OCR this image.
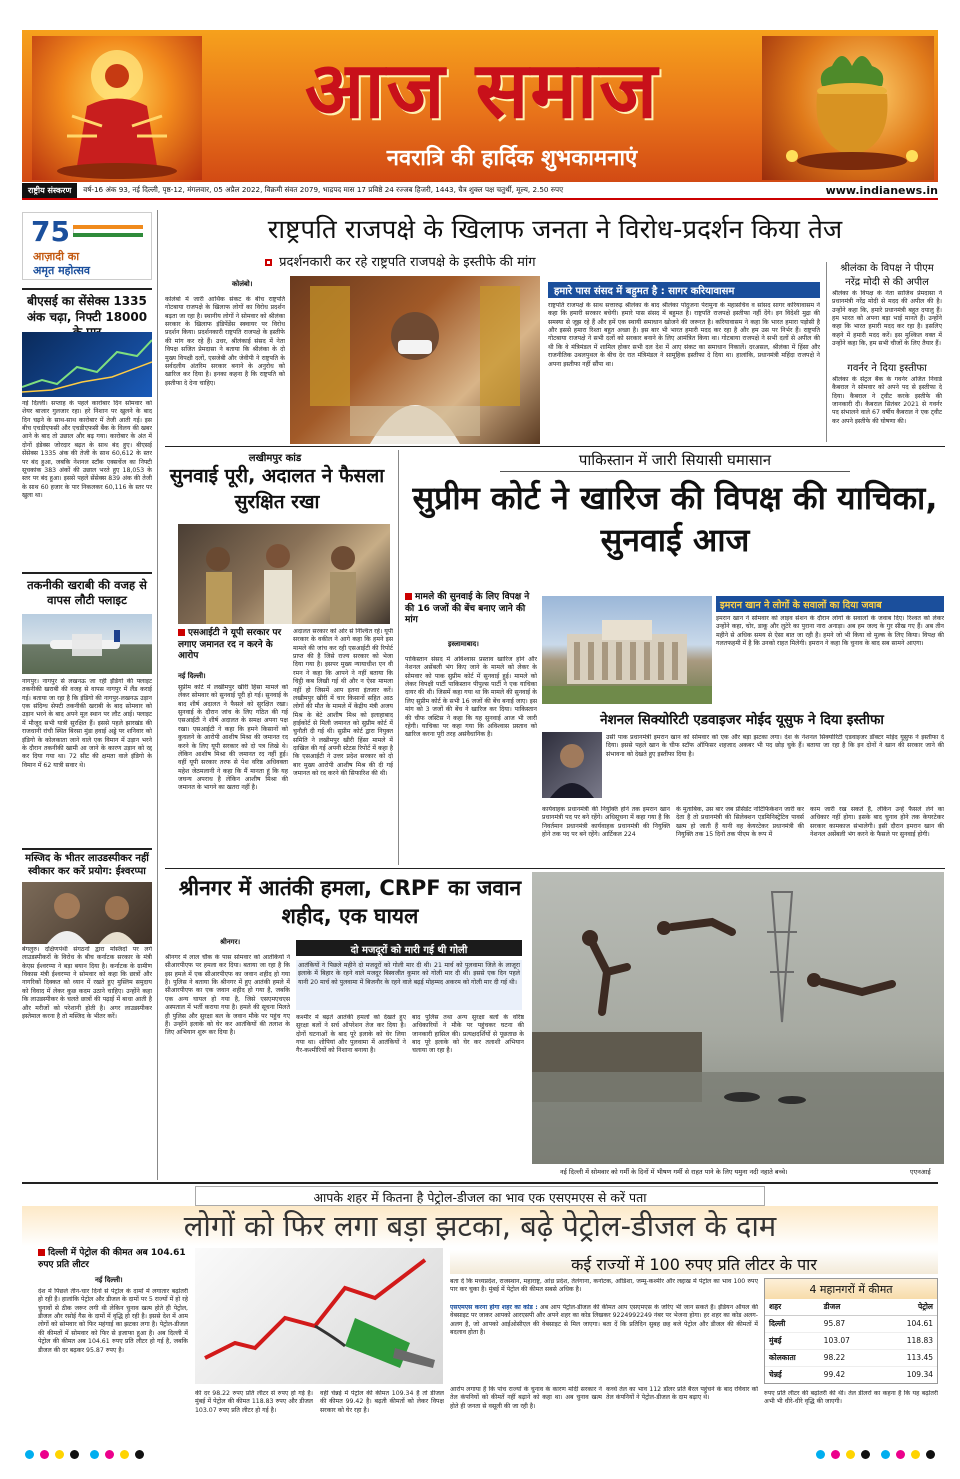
आज समाज
नवरात्रि की हार्दिक शुभकामनाएं
राष्ट्रीय संस्करण	वर्ष-16 अंक 93, नई दिल्ली, पृष्ठ-12, मंगलवार, 05 अप्रैल 2022, विक्रमी संवत 2079, भाद्रपद मास 17 प्रविष्ठे 24 रज्जब हिजरी, 1443, चैत्र शुक्ल पक्ष चतुर्थी, मूल्य, 2.50 रुपए	www.indianews.in
75
आज़ादी का
अमृत महोत्सव
बीएसई का सेंसेक्स 1335 अंक चढ़ा, निफ्टी 18000
नई दिल्ली। सप्ताह के पहले कारोबार दिन सोमवार को शेयर बाजार गुलजार रहा। हरे निशान पर खुलने के बाद दिन चढ़ने के साथ-साथ कारोबार में तेजी आती गई। इस बीच एचडीएफसी और एचडीएफसी बैंक के विलय की खबर आने के बाद तो उछाल और बढ़ गया। कारोबार के अंत में दोनों इंडेक्स जोरदार बढ़त के साथ बंद हुए। बीएसई सेंसेक्स 1335 अंक की तेजी के साथ 60,612 के स्तर पर बंद हुआ, जबकि नेशनल स्टॉक एक्सचेंज का निफ्टी सूचकांक 383 अंकों की उछाल भरते हुए 18,053 के स्तर पर बंद हुआ। इससे पहले सेंसेक्स 839 अंक की तेजी के साथ 60 हजार के पार निकलकर 60,116 के स्तर पर खुला था।
तकनीकी खराबी की वजह से वापस लौटी फ्लाइट
नागपुर। नागपुर से लखनऊ जा रही इंडिगो की फ्लाइट तकनीकी खराबी की वजह से वापस नागपुर में लैंड कराई गई। बताया जा रहा है कि इंडिगो की नागपुर-लखनऊ उड़ान एक संदिग्ध सेफ्टी तकनीकी खराबी के बाद सोमवार को उड़ान भरने के बाद अपने मूल स्थान पर लौट आई। फ्लाइट में मौजूद सभी यात्री सुरक्षित हैं। इससे पहले झारखंड की राजधानी रांची स्थित बिरसा मुंडा हवाई अड्डे पर शनिवार को इंडिगो के कोलकाता जाने वाले एक विमान में उड़ान भरने के दौरान तकनीकी खामी आ जाने के कारण उड़ान को रद्द कर दिया गया था। 72 सीट की क्षमता वाले इंडिगो के विमान में 62 यात्री सवार थे।
मस्जिद के भीतर लाउडस्पीकर नहीं स्वीकार कर करें प्रयोग: ईश्वरप्पा
बेंगलुरु। दक्षिणपंथी संगठनों द्वारा मस्जिदों पर लगे लाउडस्पीकरों के विरोध के बीच कर्नाटक सरकार के मंत्री केएस ईश्वरप्पा ने बड़ा बयान दिया है। कर्नाटक के ग्रामीण विकास मंत्री ईश्वरप्पा ने सोमवार को कहा कि छात्रों और नागरिकों दिक्कत को ध्यान में रखते हुए मुस्लिम समुदाय को विवाद में लेकर कुछ कदम उठाने चाहिए। उन्होंने कहा कि लाउडस्पीकर के चलते छात्रों की पढ़ाई में बाधा आती है और मरीजों को परेशानी होती है। अगर लाउडस्पीकर इस्तेमाल करना है तो मस्जिद के भीतर करें।
राष्ट्रपति राजपक्षे के खिलाफ जनता ने विरोध-प्रदर्शन किया तेज
प्रदर्शनकारी कर रहे राष्ट्रपति राजपक्षे के इस्तीफे की मांग
कोलंबो।
कोलंबो में जारी आर्थिक संकट के बीच राष्ट्रपति गोटबाया राजपक्षे के खिलाफ लोगों का विरोध प्रदर्शन बढ़ता जा रहा है। स्थानीय लोगों ने सोमवार को श्रीलंका सरकार के खिलाफ इंडिपेंडेंस स्क्वायर पर विरोध प्रदर्शन किया। प्रदर्शनकारी राष्ट्रपति राजपक्षे के इस्तीफे की मांग कर रहे हैं। उधर, श्रीलंकाई संसद में नेता विपक्ष सजित प्रेमदासा ने बताया कि श्रीलंका के दो मुख्य विपक्षी दलों, एसजेबी और जेवीपी ने राष्ट्रपति के सर्वदलीय अंतरिम सरकार बनाने के अनुरोध को खारिज कर दिया है। इनका कहना है कि राष्ट्रपति को इस्तीफा दे देना चाहिए।
हमारे पास संसद में बहुमत है : सागर करियावासम
राष्ट्रपति राजपक्षे के साथ सत्तारुढ़ श्रीलंका के बाद श्रीलंका पोदुजना पेरामुना के महासचिव व सांसद सागर करियावासम ने कहा कि हमारी सरकार बचेगी। हमारे पास संसद में बहुमत है। राष्ट्रपति राजपक्षे इस्तीफा नहीं देंगे। इन विदेशी मुद्रा की समस्या से जूझ रहे हैं और हमें एक स्थायी समाधान खोजने की जरूरत है। करियावासम ने कहा कि भारत हमारा पड़ोसी है और इससे हमारा रिश्ता बहुत अच्छा है। इस बार भी भारत हमारी मदद कर रहा है और हम उस पर निर्भर हैं। राष्ट्रपति गोटबाया राजपक्षे ने सभी दलों को सरकार बनाने के लिए आमंत्रित किया था। गोटबाया राजपक्षे ने सभी दलों से अपील की थी कि वे मंत्रिमंडल में शामिल होकर सभी दल देश में आए संकट का समाधान निकालें। दरअसल, श्रीलंका में हिंसा और राजनीतिक उथलपुथल के बीच देर रात मंत्रिमंडल ने सामूहिक इस्तीफा दे दिया था। हालांकि, प्रधानमंत्री महिंदा राजपक्षे ने अपना इस्तीफा नहीं सौंपा था।
श्रीलंका के विपक्ष ने पीएम नरेंद्र मोदी से की अपील
श्रीलंका के विपक्ष के नेता साजिथ प्रेमदासा ने प्रधानमंत्री नरेंद्र मोदी से मदद की अपील की है। उन्होंने कहा कि, हमारे प्रधानमंत्री बहुत दयालु हैं। हम भारत को अपना बड़ा भाई मानते हैं। उन्होंने कहा कि भारत हमारी मदद कर रहा है। इसलिए कहने में हमारी मदद करें। इस मुश्किल वक्त में उन्होंने कहा कि, हम सभी चीजों के लिए तैयार हैं।
गवर्नर ने दिया इस्तीफा
श्रीलंका के सेंट्रल बैंक के गवर्नर अजित निवार्ड कैबराल ने सोमवार को अपने पद से इस्तीफा दे दिया। कैबराल ने ट्वीट करके इस्तीफे की जानकारी दी। कैबराल सितंबर 2021 से गवर्नर पद संभालने वाले 67 वर्षीय कैबराल ने एक ट्वीट कर अपने इस्तीफे की घोषणा की।
लखीमपुर कांड
सुनवाई पूरी, अदालत ने फैसला सुरक्षित रखा
एसआईटी ने यूपी सरकार पर लगाए जमानत रद न करने के आरोप
नई दिल्ली।
सुप्रीम कोर्ट में लखीमपुर खीरी हिंसा मामले को लेकर सोमवार को सुनवाई पूरी हो गई। सुनवाई के बाद शीर्ष अदालत ने फैसले को सुरक्षित रखा। सुनवाई के दौरान जांच के लिए गठित की गई एसआईटी ने शीर्ष अदालत के समक्ष अपना पक्ष रखा। एसआईटी ने कहा कि हमने किसानों को कुचलने के आरोपी आशीष मिश्रा की जमानत रद करने के लिए यूपी सरकार को दो पत्र लिखे थे। लेकिन आशीष मिश्रा की जमानत रद नहीं हुई। वहीं यूपी सरकार तरफ से पेश वरिष्ठ अधिवक्ता महेश जेठमलानी ने कहा कि मैं मानता हूं कि यह जघन्य अपराध है लेकिन आशीष मिश्रा की जमानत के भागने का खतरा नहीं है।
अदालत सरकार को ओर से निश्चित रहें। यूपी सरकार के वकील ने आगे कहा कि हमने इस मामले की जांच कर रही एसआईटी की रिपोर्ट प्राप्त की है जिसे राज्य सरकार को भेजा दिया गया है। इसपर मुख्य न्यायाधीश एन वी रमन ने कहा कि आपने ने नहीं बताया कि चिट्ठी कब लिखी गई थी और न ऐसा मामला नहीं हो जिसमें आप इतना इंतजार करें। लखीमपुर खीरी में चार किसानों सहित आठ लोगों की मौत के मामले में केंद्रीय मंत्री अजय मिश्र के बेटे आशीष मिश्र को इलाहाबाद हाईकोर्ट से मिली जमानत को सुप्रीम कोर्ट में चुनौती दी गई थी। सुप्रीम कोर्ट द्वारा नियुक्त समिति ने लखीमपुर खीरी हिंसा मामले में दाखिल की गई अपनी स्टेटस रिपोर्ट में कहा है कि एसआईटी ने उत्तर प्रदेश सरकार को दो बार मुख्य आरोपी आशीष मिश्र की दी गई जमानत को रद करने की सिफारिश की थी।
पाकिस्तान में जारी सियासी घमासान
सुप्रीम कोर्ट ने खारिज की विपक्ष की याचिका, सुनवाई आज
मामले की सुनवाई के लिए विपक्ष ने की 16 जजों की बेंच बनाए जाने की मांग
इस्लामाबाद।
इमरान खान ने लोगों के सवालों का दिया जवाब
इमरान खान ने सोमवार को लाइव सेशन के दौरान लोगों के सवालों के जवाब दिए। रिश्वत को लेकर उन्होंने कहा, चोर, डाकू और लुटेरे का पुराना नारा अनाड़ा। अब हम जल्द के गुर सीख गए हैं। अब तीन महीने से अधिक समय से ऐसा बात जा रही है। हमने जो भी किया वो मुल्क के लिए किया। विपक्ष की गलतफहमी में है कि उनको राहत मिलेगी। इमरान ने कहा कि चुनाव के बाद सब सामने आएगा।
पाकिस्तान संसद में अविश्वास प्रस्ताव खारिज होने और नेशनल असेंबली भंग किए जाने के मामले को लेकर के सोमवार को पाक सुप्रीम कोर्ट में सुनवाई हुई। मामले को लेकर विपक्षी पार्टी पाकिस्तान पीपुल्स पार्टी ने एक याचिका दायर की थी। जिसमें कहा गया था कि मामले की सुनवाई के लिए सुप्रीम कोर्ट के सभी 16 जजों की बेंच बनाई जाए। इस मांग को 3 जजों की बेंच ने खारिज कर दिया। पाकिस्तान की चीफ जस्टिस ने कहा कि यह सुनवाई आज भी जारी रहेगी। याचिका पर कहा गया कि अविश्वास प्रस्ताव को खारिज करना पूरी तरह असंवैधानिक है।
नेशनल सिक्योरिटी एडवाइजर मोईद यूसुफ ने दिया इस्तीफा
उसी पाक प्रधानमंत्री इमरान खान को सोमवार को एक और बड़ा झटका लगा। देश के नेशनल सिक्योरिटी एडवाइजर डॉक्टर मोईद यूसुफ ने इस्तीफा दे दिया। इससे पहले खान के चीफ स्टॉफ ऑफिसर शहजाद अकबर भी पद छोड़ चुके हैं। बताया जा रहा है कि इन दोनों ने खान की सरकार जाने की संभावना को देखते हुए इस्तीफा दिया है।
कार्यवाहक प्रधानमंत्री की नियुक्ति होने तक इमरान खान प्रधानमंत्री पद पर बने रहेंगे। अधिसूचना में कहा गया है कि निवर्तमान प्रधानमंत्री कार्यवाहक प्रधानमंत्री की नियुक्ति होने तक पद पर बने रहेंगे। आर्टिकल 224
के मुताबिक, उस बार जब प्रेसिडेंट नोटिफिकेशन जारी कर देता है तो प्रधानमंत्री की सिलेक्शन एडमिनिस्ट्रेटिव पावर्स खत्म हो जाती हैं यानी वह केयरटेकर प्रधानमंत्री की नियुक्ति तक 15 दिनों तक पीएम के रूप में
काम जारी रख सकते हैं, लेकिन उन्हें फैसले लेने का अधिकार नहीं होगा। इसके बाद चुनाव होने तक केयरटेकर सरकार कामकाज संभालेगी। इसी दौरान इमरान खान की नेशनल असेंबली भंग करने के फैसले पर सुनवाई होगी।
श्रीनगर में आतंकी हमला, CRPF का जवान शहीद, एक घायल
श्रीनगर।
दो मजदूरों को मारी गई थी गोली
श्रीनगर में लाल चौक के पास सोमवार को आतंकियों ने सीआरपीएफ पर हमला कर दिया। बताया जा रहा है कि इस हमले में एक सीआरपीएफ का जवान शहीद हो गया है। पुलिस ने बताया कि श्रीनगर में हुए आतंकी हमले में सीआरपीएफ का एक जवान शहीद हो गया है, जबकि एक अन्य घायल हो गया है, जिसे एसएमएचएस अस्पताल में भर्ती कराया गया है। हमले की सूचना मिलते ही पुलिस और सुरक्षा बल के जवान मौके पर पहुंच गए हैं। उन्होंने इलाके को घेर कर आतंकियों की तलाश के लिए अभियान शुरू कर दिया है।
आतंकियों ने पिछले महीने दो मजदूरों को गोली मार दी थी। 21 मार्च को पुलवामा जिले के लाजूरा इलाके में बिहार के रहने वाले मजदूर बिस्वजीत कुमार को गोली मार दी थी। इससे एक दिन पहले यानी 20 मार्च को पुलवामा में बिजनौर के रहने वाले बढ़ई मोहम्मद अकरम को गोली मार दी गई थी।
कश्मीर में बढ़ते आतंकी हमलों को देखते हुए सुरक्षा बलों ने सर्च ऑपरेशन तेज कर दिया है। दोनों घटनाओं के बाद पूरे इलाके को घेर लिया गया था। शोपियां और पुलवामा में आतंकियों ने गैर-कश्मीरियों को निशाना बनाया है।
बाद पुलिस तथा अन्य सुरक्षा बलों के वरिष्ठ अधिकारियों ने मौके पर पहुंचकर घटना की जानकारी हासिल की। प्रत्यक्षदर्शियों से पूछताछ के बाद पूरे इलाके को घेर कर तलाशी अभियान चलाया जा रहा है।
नई दिल्ली में सोमवार को गर्मी के दिनों में भीषण गर्मी से राहत पाने के लिए यमुना नदी नहाते बच्चे।	एएनआई
आपके शहर में कितना है पेट्रोल-डीजल का भाव एक एसएमएस से करें पता
लोगों को फिर लगा बड़ा झटका, बढ़े पेट्रोल-डीजल के दाम
दिल्ली में पेट्रोल की कीमत अब 104.61 रुपए प्रति लीटर
नई दिल्ली।
देश में पिछले तीन-चार दिनों से पेट्रोल के दामों में लगातार बढ़ोतरी हो रही है। हालांकि पेट्रोल और डीजल के दामों पर 5 राज्यों में हो रहे चुनावों से ठीक जरूर लगी थी लेकिन चुनाव खत्म होते ही पेट्रोल, डीजल और रसोई गैस के दामों में वृद्धि हो रही है। इससे देश में आम लोगों को सोमवार को फिर महंगाई का झटका लगा है। पेट्रोल-डीजल की कीमतों में सोमवार को फिर से इजाफा हुआ है। अब दिल्ली में पेट्रोल की कीमत अब 104.61 रुपए प्रति लीटर हो गई है, जबकि डीजल की दर बढ़कर 95.87 रुपए है।
की दर 98.22 रुपए प्रति लीटर से रुपए हो गई है। मुंबई में पेट्रोल की कीमत 118.83 रुपए और डीजल 103.07 रुपए प्रति लीटर हो गई है।
वहीं चेन्नई में पेट्रोल की कीमत 109.34 है तो डीजल की कीमत 99.42 है। बढ़ती कीमतों को लेकर विपक्ष सरकार को घेर रहा है।
कई राज्यों में 100 रुपए प्रति लीटर के पार
बता दें कि मध्यप्रदेश, राजस्थान, महाराष्ट्र, आंध्र प्रदेश, तेलंगाना, कर्नाटक, ओडिशा, जम्मू-कश्मीर और लद्दाख में पेट्रोल का भाव 100 रुपए पार कर चुका है। मुंबई में पेट्रोल की कीमत सबसे अधिक है।
एसएमएस करना होगा शहर का कोड : अब आप पेट्रोल-डीजल की कीमत आप एसएमएस के जरिए भी जान सकते हैं। इंडियन ऑयल की वेबसाइट पर जाकर आपको आरएसपी और अपने शहर का कोड लिखकर 9224992249 नंबर पर भेजना होगा। हर शहर का कोड अलग-अलग है, जो आपको आईओसीएल की वेबसाइट से मिल जाएगा। बता दें कि प्रतिदिन सुबह छह बजे पेट्रोल और डीजल की कीमतों में बदलाव होता है।
आरोप लगाया है कि पांच राज्यों के चुनाव के कारण मोदी सरकार ने तेल कंपनियों को कीमतें नहीं बढ़ाने को कहा था। अब चुनाव खत्म होते ही जनता से वसूली की जा रही है।
कच्चे तेल का भाव 112 डॉलर प्रति बैरल पहुंचने के बाद रविवार को तेल कंपनियों ने पेट्रोल-डीजल के दाम बढ़ाए थे।
4 महानगरों में कीमत
शहर	डीजल	पेट्रोल
दिल्ली	95.87	104.61
मुंबई	103.07	118.83
कोलकाता	98.22	113.45
चेन्नई	99.42	109.34
रुपए प्रति लीटर की बढ़ोतरी की थी। तेल डीलरों का कहना है कि यह बढ़ोतरी अभी भी धीरे-धीरे वृद्धि की जाएगी।
